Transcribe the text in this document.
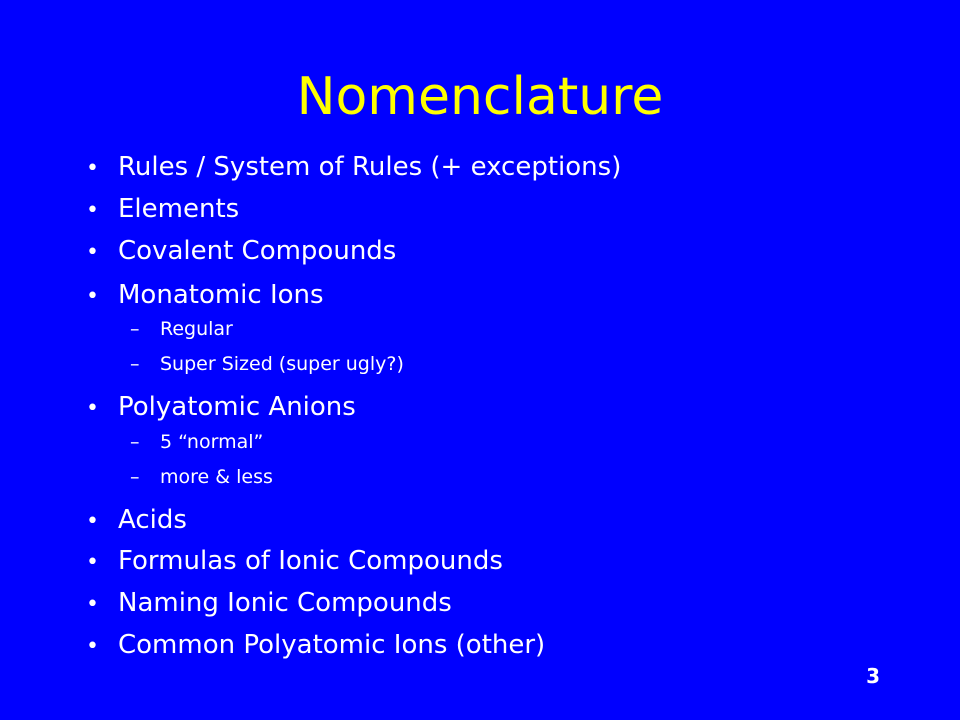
Nomenclature
• Rules / System of Rules (+ exceptions)
• Elements
• Covalent Compounds
• Monatomic Ions
– Regular
– Super Sized (super ugly?)
• Polyatomic Anions
– 5 “normal”
– more & less
• Acids
• Formulas of Ionic Compounds
• Naming Ionic Compounds
• Common Polyatomic Ions (other)
3
